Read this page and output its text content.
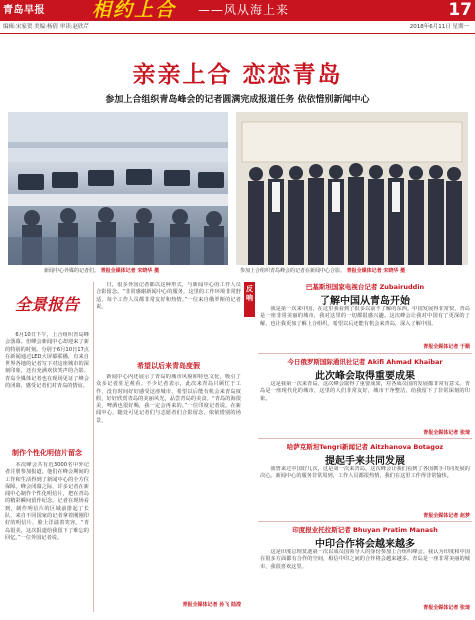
青岛早报	相约上合	——风从海上来	17
编辑:宋家贺 美编:杨倩 审读:赵欣芹	2018年6月11日 星期一
亲亲上合 恋恋青岛
参加上合组织青岛峰会的记者圆满完成报道任务 依依惜别新闻中心
新闻中心外媒的记者们。 青报全媒体记者 宋晓华 摄	参加上合组织青岛峰会的记者在新闻中心合影。 青报全媒体记者 宋晓华 摄
全景报告

6月10日下午，上合组织青岛峰会落幕。但峰会新闻中心却迎来了新的特别的时刻。分别于6月10日17点在新闻通过LED大屏幕联播，有来自世界各地的记者写下对这座城市的深刻印象，还有充满欢快笑声的合影。青岛全媒体记者也在现场见证了峰会的闭幕，感受记者们对青岛的情谊。

制作个性化明信片留念

本次峰会共有近3000名中外记者注册参加报道，他们在峰会期间的工作和生活得到了新闻中心的全方位保障。峰会闭幕之际，许多记者在新闻中心制作个性化明信片，把在青岛的精彩瞬间留作纪念。记者在现场看到，制作明信片的区域前排起了长队，来自不同国家的记者拿着刚刚印好的明信片，脸上洋溢着笑容。“青岛很美，这次报道给我留下了难忘的回忆。”一位外国记者说。

日，很多外国记者都以这种形式，与新闻中心的工作人员合影留念。“非常感谢新闻中心的服务，这里的工作环境非常舒适，每个工作人员都非常友好和热情。”一位来自俄罗斯的记者说。

希望以后来青岛度假

新闻中心内还展示了青岛的城市风貌和特色文化，吸引了众多记者驻足观看。不少记者表示，此次来青岛只顾忙于工作，没有时间好好感受这座城市，希望以后能有机会来青岛度假，好好欣赏青岛的美丽风光，品尝青岛的美食。“青岛的海很美，啤酒也很好喝，我一定会再来的。”一位印度记者说。在新闻中心，随处可见记者们与志愿者们合影留念，依依惜别的场景。

青报全媒体记者 孙飞 陆滢
反响
巴基斯坦国家电视台记者 Zubairuddin
了解中国从青岛开始

我是第一次来中国，在这里我看到了很多以前不了解的东西。中国发展得非常快，青岛是一座非常美丽的城市，我对这里的一切都很感兴趣。这次峰会让我对中国有了更深的了解，也让我更加了解上合组织。希望以后还能有机会来青岛，深入了解中国。

青报全媒体记者 于顺
今日俄罗斯国际通讯社记者 Akifi Ahmad Khaibar
此次峰会取得重要成果

这是我第一次来青岛，这次峰会取得了重要成果，对各成员国的发展都非常有意义。青岛是一座现代化的城市，这里的人们非常友好，城市干净整洁，给我留下了非常深刻的印象。

青报全媒体记者 张琦
哈萨克斯坦Tengri新闻记者 Aitzhanova Botagoz
提起手来共同发展

我曾来过中国好几次，这是第一次来青岛。这次峰会让我们看到了各国携手共同发展的决心。新闻中心的服务非常周到，工作人员都很热情，我们在这里工作得非常愉快。

青报全媒体记者 赵梦
印度报业托拉斯记者 Bhuyan Pratim Manash
中印合作将会越来越多

这是印度总理莫迪第一次以成员国领导人的身份参加上合组织峰会。我认为印度和中国在很多方面都有合作的空间，相信中印之间的合作将会越来越多。青岛是一座非常美丽的城市，我很喜欢这里。

青报全媒体记者 张琦
